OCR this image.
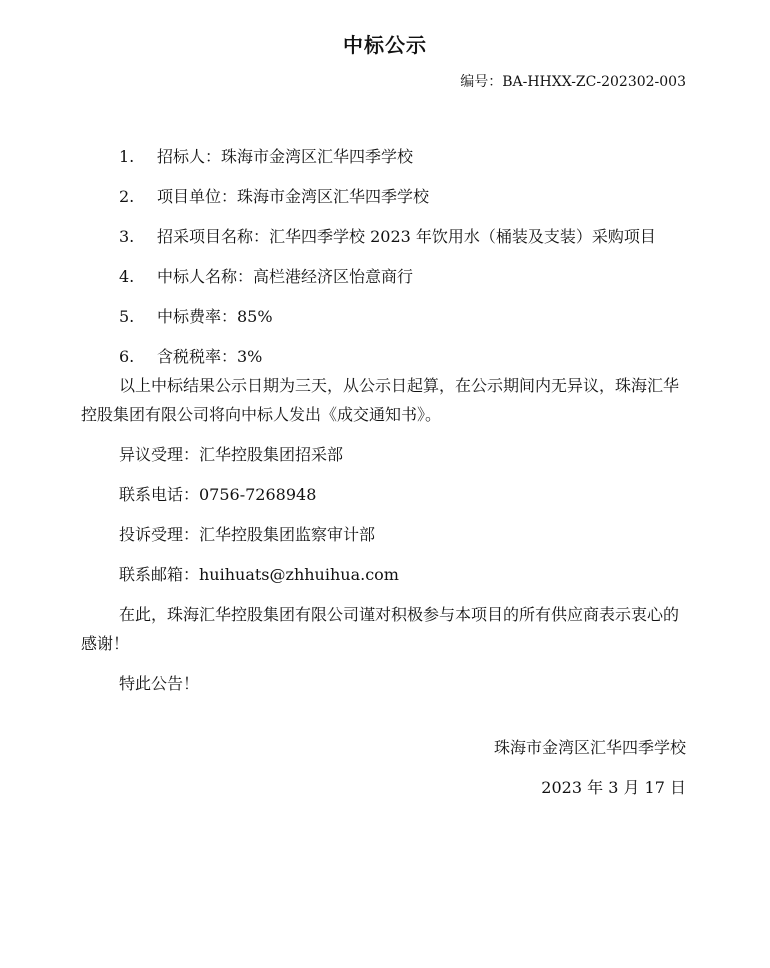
中标公示
编号：BA-HHXX-ZC-202302-003
1.	招标人：珠海市金湾区汇华四季学校
2.	项目单位：珠海市金湾区汇华四季学校
3.	招采项目名称：汇华四季学校 2023 年饮用水（桶装及支装）采购项目
4.	中标人名称：高栏港经济区怡意商行
5.	中标费率：85%
6.	含税税率：3%

以上中标结果公示日期为三天，从公示日起算，在公示期间内无异议，珠海汇华控股集团有限公司将向中标人发出《成交通知书》。

异议受理：汇华控股集团招采部

联系电话：0756-7268948

投诉受理：汇华控股集团监察审计部

联系邮箱：huihuats@zhhuihua.com

在此，珠海汇华控股集团有限公司谨对积极参与本项目的所有供应商表示衷心的感谢！

特此公告！

珠海市金湾区汇华四季学校
2023 年 3 月 17 日
